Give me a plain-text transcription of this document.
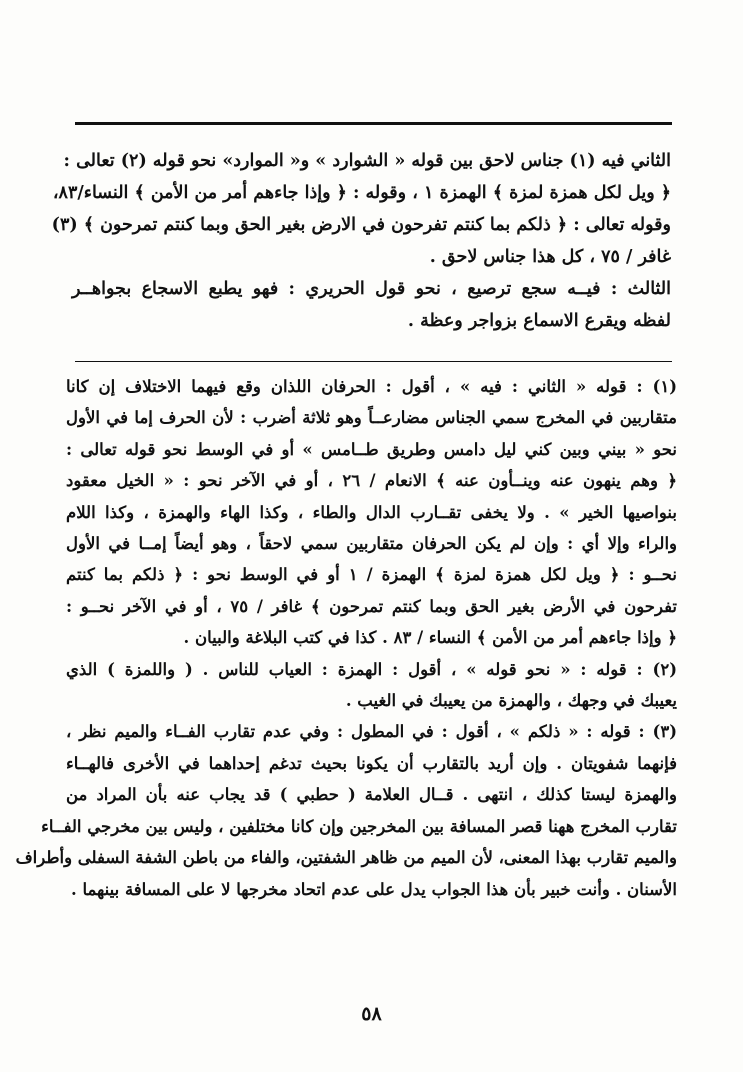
الثاني فيه (١) جناس لاحق بين قوله « الشوارد » و« الموارد» نحو قوله (٢) تعالى :
﴿ ويل لكل همزة لمزة ﴾ الهمزة ١ ، وقوله : ﴿ وإذا جاءهم أمر من الأمن ﴾ النساء/٨٣،
وقوله تعالى : ﴿ ذلكم بما كنتم تفرحون في الارض بغير الحق وبما كنتم تمرحون ﴾ (٣)
غافر / ٧٥ ، كل هذا جناس لاحق .
الثالث : فيــه سجع ترصيع ، نحو قول الحريري : فهو يطبع الاسجاع بجواهــر
لفظه ويقرع الاسماع بزواجر وعظة .
(١) : قوله « الثاني : فيه » ، أقول : الحرفان اللذان وقع فيهما الاختلاف إن كانا
متقاربين في المخرج سمي الجناس مضارعــاً وهو ثلاثة أضرب : لأن الحرف إما في الأول
نحو « بيني وبين كني ليل دامس وطريق طــامس » أو في الوسط نحو قوله تعالى :
﴿ وهم ينهون عنه وينــأون عنه ﴾ الانعام / ٢٦ ، أو في الآخر نحو : « الخيل معقود
بنواصيها الخير » . ولا يخفى تقــارب الدال والطاء ، وكذا الهاء والهمزة ، وكذا اللام
والراء وإلا أي : وإن لم يكن الحرفان متقاربين سمي لاحقاً ، وهو أيضاً إمــا في الأول
نحــو : ﴿ ويل لكل همزة لمزة ﴾ الهمزة / ١ أو في الوسط نحو : ﴿ ذلكم بما كنتم
تفرحون في الأرض بغير الحق وبما كنتم تمرحون ﴾ غافر / ٧٥ ، أو في الآخر نحــو :
﴿ وإذا جاءهم أمر من الأمن ﴾ النساء / ٨٣ . كذا في كتب البلاغة والبيان .
(٢) : قوله : « نحو قوله » ، أقول : الهمزة : العياب للناس . ( واللمزة ) الذي
يعيبك في وجهك ، والهمزة من يعيبك في الغيب .
(٣) : قوله : « ذلكم » ، أقول : في المطول : وفي عدم تقارب الفــاء والميم نظر ،
فإنهما شفويتان . وإن أريد بالتقارب أن يكونا بحيث تدغم إحداهما في الأخرى فالهــاء
والهمزة ليستا كذلك ، انتهى . قــال العلامة ( حطبي ) قد يجاب عنه بأن المراد من
تقارب المخرج ههنا قصر المسافة بين المخرجين وإن كانا مختلفين ، وليس بين مخرجي الفــاء
والميم تقارب بهذا المعنى، لأن الميم من ظاهر الشفتين، والفاء من باطن الشفة السفلى وأطراف
الأسنان . وأنت خبير بأن هذا الجواب يدل على عدم اتحاد مخرجها لا على المسافة بينهما .
٥٨
